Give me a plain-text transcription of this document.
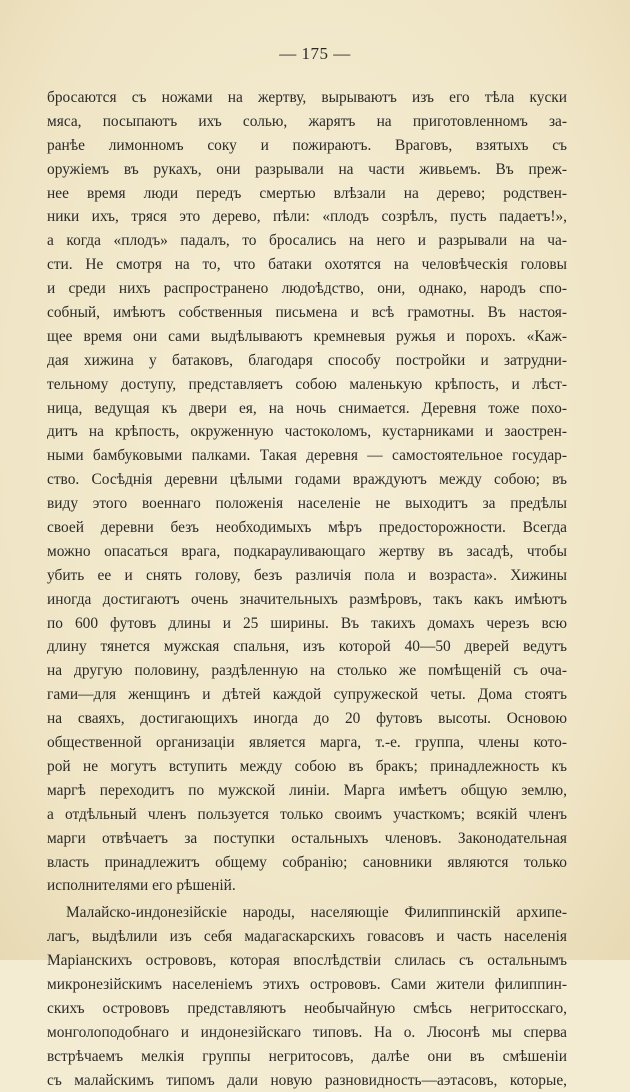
— 175 —
бросаются съ ножами на жертву, вырываютъ изъ его тѣла куски
мяса, посыпаютъ ихъ солью, жарятъ на приготовленномъ за-
ранѣе лимонномъ соку и пожираютъ. Враговъ, взятыхъ съ
оружіемъ въ рукахъ, они разрывали на части живьемъ. Въ преж-
нее время люди передъ смертью влѣзали на дерево; родствен-
ники ихъ, тряся это дерево, пѣли: «плодъ созрѣлъ, пусть падаетъ!»,
а когда «плодъ» падалъ, то бросались на него и разрывали на ча-
сти. Не смотря на то, что батаки охотятся на человѣческія головы
и среди нихъ распространено людоѣдство, они, однако, народъ спо-
собный, имѣютъ собственныя письмена и всѣ грамотны. Въ настоя-
щее время они сами выдѣлываютъ кремневыя ружья и порохъ. «Каж-
дая хижина у батаковъ, благодаря способу постройки и затрудни-
тельному доступу, представляетъ собою маленькую крѣпость, и лѣст-
ница, ведущая къ двери ея, на ночь снимается. Деревня тоже похо-
дитъ на крѣпость, окруженную частоколомъ, кустарниками и заострен-
ными бамбуковыми палками. Такая деревня — самостоятельное государ-
ство. Сосѣднія деревни цѣлыми годами враждуютъ между собою; въ
виду этого военнаго положенія населеніе не выходитъ за предѣлы
своей деревни безъ необходимыхъ мѣръ предосторожности. Всегда
можно опасаться врага, подкарауливающаго жертву въ засадѣ, чтобы
убить ее и снять голову, безъ различія пола и возраста». Хижины
иногда достигаютъ очень значительныхъ размѣровъ, такъ какъ имѣютъ
по 600 футовъ длины и 25 ширины. Въ такихъ домахъ черезъ всю
длину тянется мужская спальня, изъ которой 40—50 дверей ведутъ
на другую половину, раздѣленную на столько же помѣщеній съ оча-
гами—для женщинъ и дѣтей каждой супружеской четы. Дома стоятъ
на сваяхъ, достигающихъ иногда до 20 футовъ высоты. Основою
общественной организаціи является марга, т.-е. группа, члены кото-
рой не могутъ вступить между собою въ бракъ; принадлежность къ
маргѣ переходитъ по мужской линіи. Марга имѣетъ общую землю,
а отдѣльный членъ пользуется только своимъ участкомъ; всякій членъ
марги отвѣчаетъ за поступки остальныхъ членовъ. Законодательная
власть принадлежитъ общему собранію; сановники являются только
исполнителями его рѣшеній.
Малайско-индонезійскіе народы, населяющіе Филиппинскій архипе-
лагъ, выдѣлили изъ себя мадагаскарскихъ говасовъ и часть населенія
Маріанскихъ острововъ, которая впослѣдствіи слилась съ остальнымъ
микронезійскимъ населеніемъ этихъ острововъ. Сами жители филиппин-
скихъ острововъ представляютъ необычайную смѣсь негритосскаго,
монголоподобнаго и индонезійскаго типовъ. На о. Люсонѣ мы сперва
встрѣчаемъ мелкія группы негритосовъ, далѣе они въ смѣшеніи
съ малайскимъ типомъ дали новую разновидность—аэтасовъ, которые,
